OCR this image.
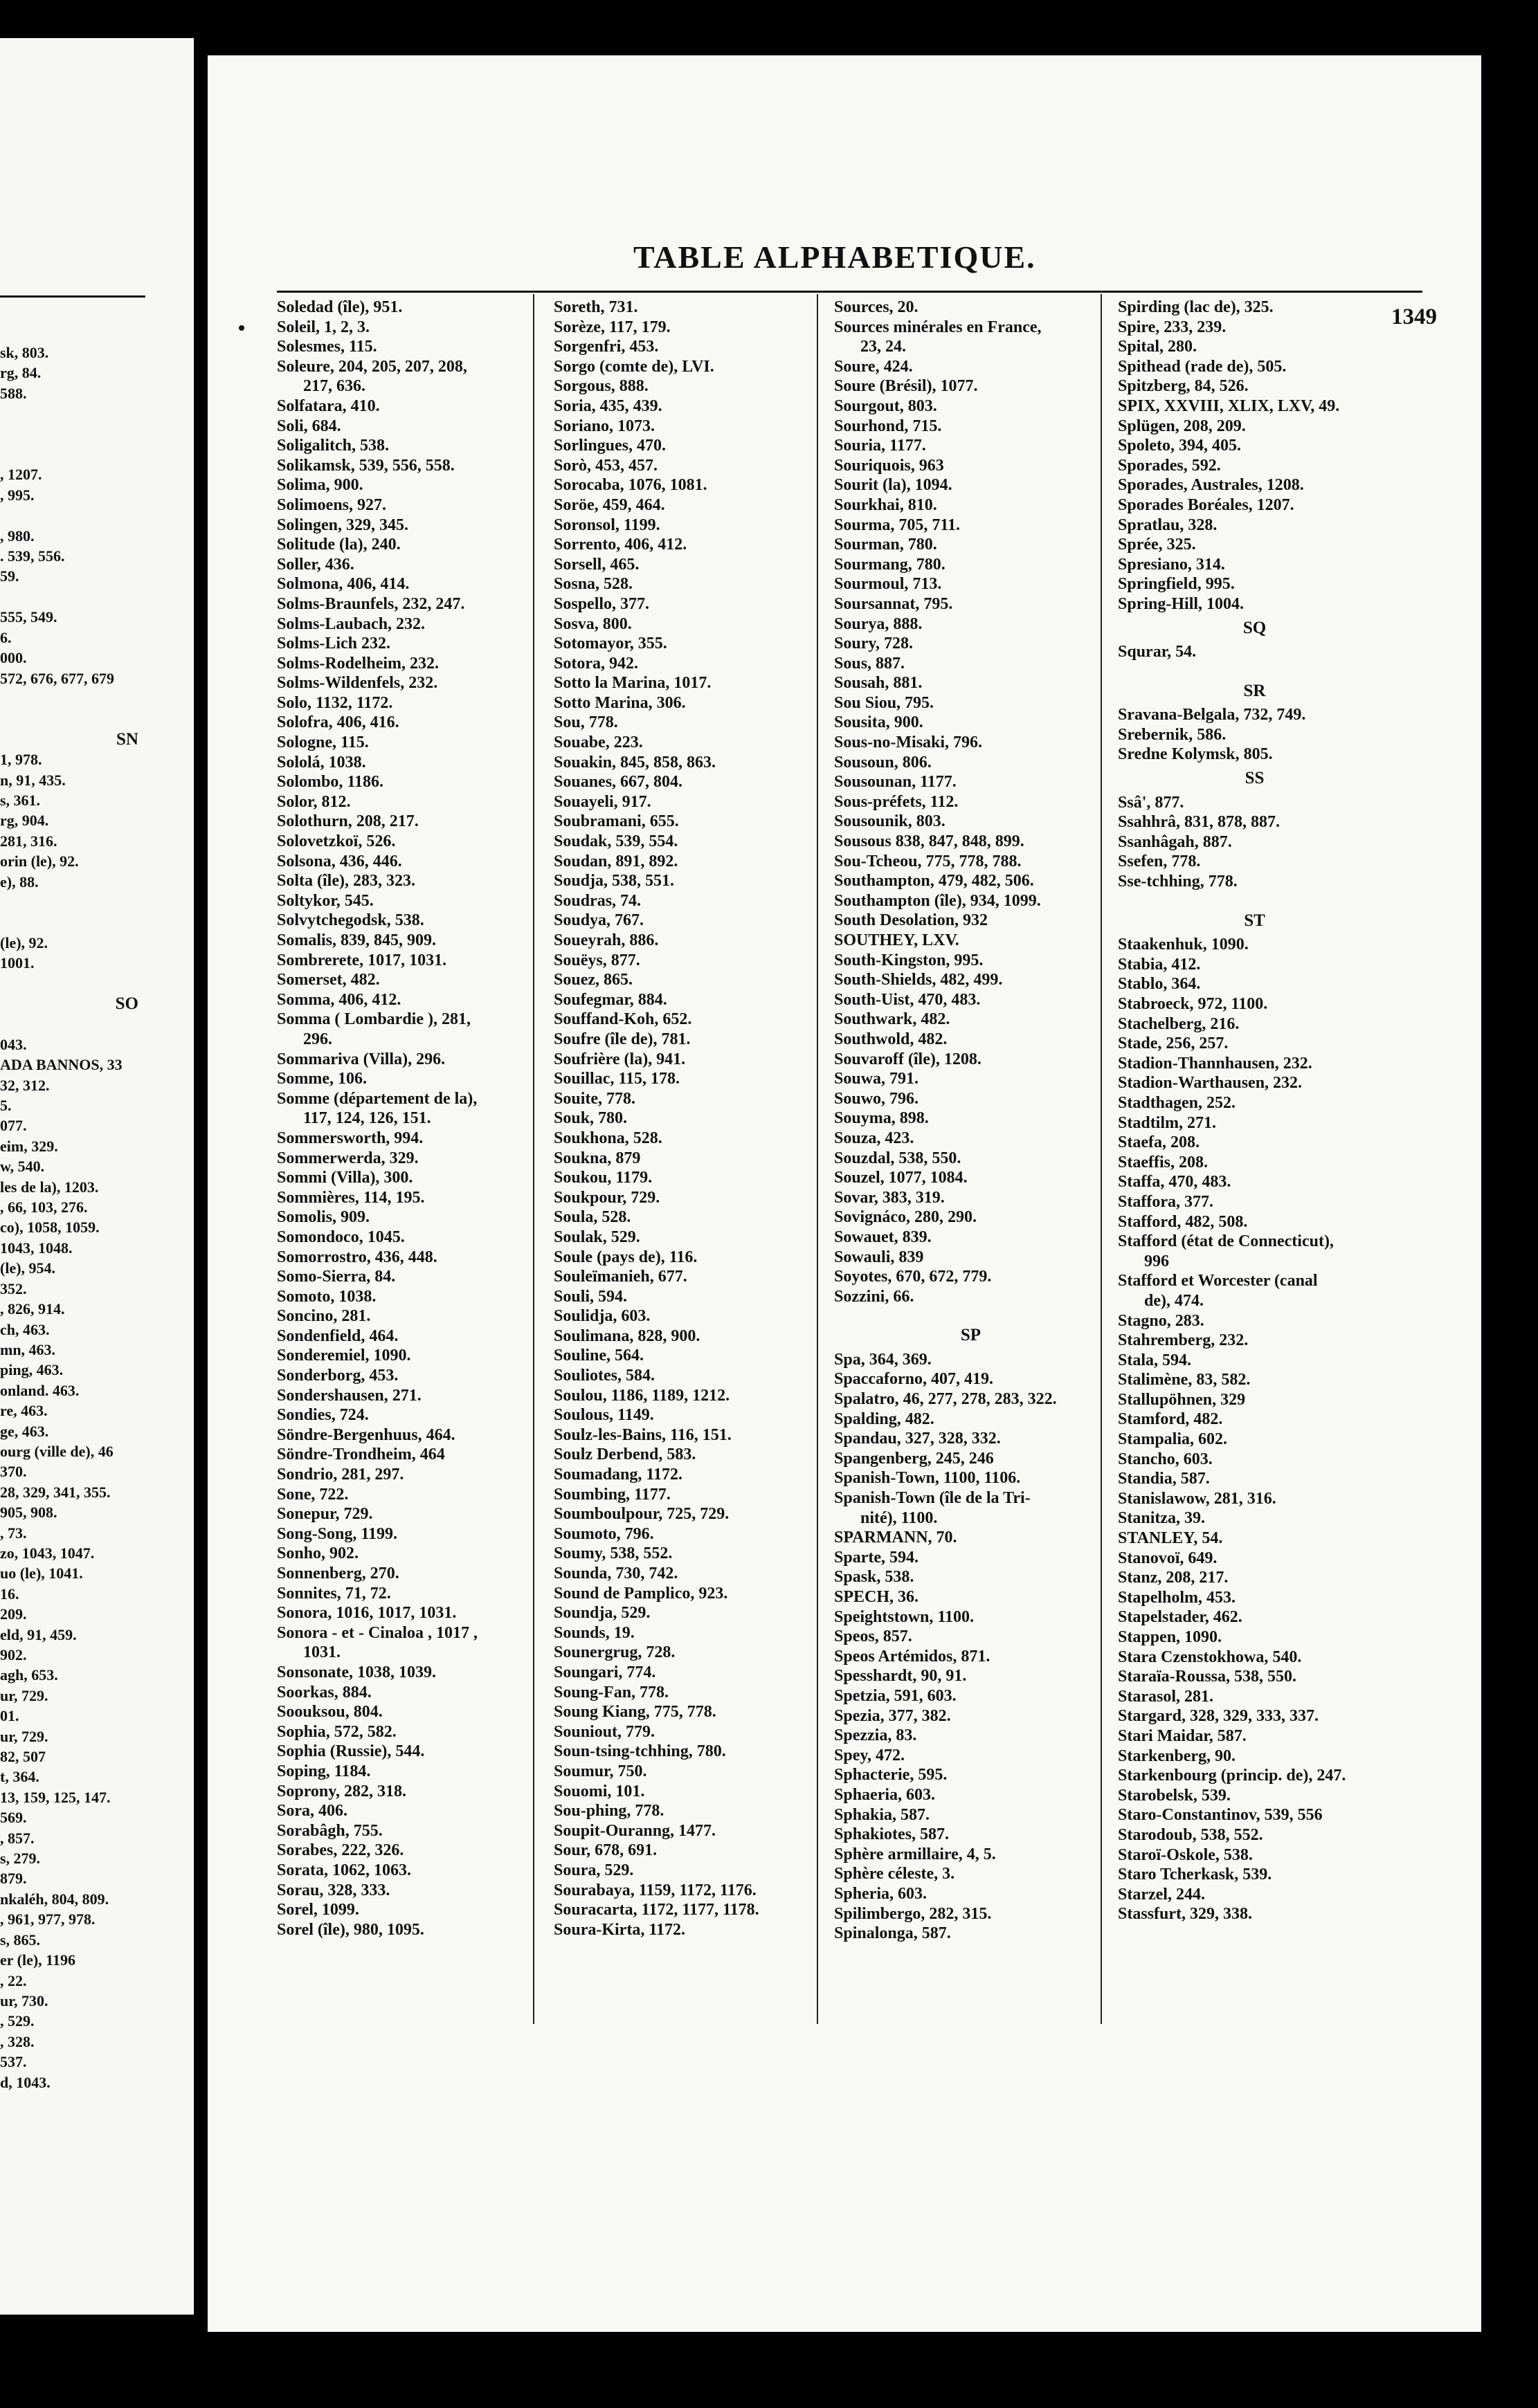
sk, 803.
rg, 84.
588.

, 1207.
, 995.

, 980.
. 539, 556.
59.

555, 549.
6.
000.
572, 676, 677, 679

SN
1, 978.
n, 91, 435.
s, 361.
rg, 904.
281, 316.
orin (le), 92.
e), 88.

(le), 92.
1001.

SO

043.
ADA BANNOS, 33
32, 312.
5.
077.
eim, 329.
w, 540.
les de la), 1203.
, 66, 103, 276.
co), 1058, 1059.
1043, 1048.
(le), 954.
352.
, 826, 914.
ch, 463.
mn, 463.
ping, 463.
onland. 463.
re, 463.
ge, 463.
ourg (ville de), 46
370.
28, 329, 341, 355.
905, 908.
, 73.
zo, 1043, 1047.
uo (le), 1041.
16.
209.
eld, 91, 459.
902.
agh, 653.
ur, 729.
01.
ur, 729.
82, 507
t, 364.
13, 159, 125, 147.
569.
, 857.
s, 279.
879.
nkaléh, 804, 809.
, 961, 977, 978.
s, 865.
er (le), 1196
, 22.
ur, 730.
, 529.
, 328.
537.
d, 1043.
TABLE ALPHABETIQUE.
1349
Soledad (île), 951.
Soleil, 1, 2, 3.
Solesmes, 115.
Soleure, 204, 205, 207, 208,
217, 636.
Solfatara, 410.
Soli, 684.
Soligalitch, 538.
Solikamsk, 539, 556, 558.
Solima, 900.
Solimoens, 927.
Solingen, 329, 345.
Solitude (la), 240.
Soller, 436.
Solmona, 406, 414.
Solms-Braunfels, 232, 247.
Solms-Laubach, 232.
Solms-Lich 232.
Solms-Rodelheim, 232.
Solms-Wildenfels, 232.
Solo, 1132, 1172.
Solofra, 406, 416.
Sologne, 115.
Sololá, 1038.
Solombo, 1186.
Solor, 812.
Solothurn, 208, 217.
Solovetzkoï, 526.
Solsona, 436, 446.
Solta (île), 283, 323.
Soltykor, 545.
Solvytchegodsk, 538.
Somalis, 839, 845, 909.
Sombrerete, 1017, 1031.
Somerset, 482.
Somma, 406, 412.
Somma ( Lombardie ), 281,
296.
Sommariva (Villa), 296.
Somme, 106.
Somme (département de la),
117, 124, 126, 151.
Sommersworth, 994.
Sommerwerda, 329.
Sommi (Villa), 300.
Sommières, 114, 195.
Somolis, 909.
Somondoco, 1045.
Somorrostro, 436, 448.
Somo-Sierra, 84.
Somoto, 1038.
Soncino, 281.
Sondenfield, 464.
Sonderemiel, 1090.
Sonderborg, 453.
Sondershausen, 271.
Sondies, 724.
Söndre-Bergenhuus, 464.
Söndre-Trondheim, 464
Sondrio, 281, 297.
Sone, 722.
Sonepur, 729.
Song-Song, 1199.
Sonho, 902.
Sonnenberg, 270.
Sonnites, 71, 72.
Sonora, 1016, 1017, 1031.
Sonora - et - Cinaloa , 1017 ,
1031.
Sonsonate, 1038, 1039.
Soorkas, 884.
Soouksou, 804.
Sophia, 572, 582.
Sophia (Russie), 544.
Soping, 1184.
Soprony, 282, 318.
Sora, 406.
Sorabâgh, 755.
Sorabes, 222, 326.
Sorata, 1062, 1063.
Sorau, 328, 333.
Sorel, 1099.
Sorel (île), 980, 1095.
Soreth, 731.
Sorèze, 117, 179.
Sorgenfri, 453.
Sorgo (comte de), LVI.
Sorgous, 888.
Soria, 435, 439.
Soriano, 1073.
Sorlingues, 470.
Sorò, 453, 457.
Sorocaba, 1076, 1081.
Soröe, 459, 464.
Soronsol, 1199.
Sorrento, 406, 412.
Sorsell, 465.
Sosna, 528.
Sospello, 377.
Sosva, 800.
Sotomayor, 355.
Sotora, 942.
Sotto la Marina, 1017.
Sotto Marina, 306.
Sou, 778.
Souabe, 223.
Souakin, 845, 858, 863.
Souanes, 667, 804.
Souayeli, 917.
Soubramani, 655.
Soudak, 539, 554.
Soudan, 891, 892.
Soudja, 538, 551.
Soudras, 74.
Soudya, 767.
Soueyrah, 886.
Souëys, 877.
Souez, 865.
Soufegmar, 884.
Souffand-Koh, 652.
Soufre (île de), 781.
Soufrière (la), 941.
Souillac, 115, 178.
Souite, 778.
Souk, 780.
Soukhona, 528.
Soukna, 879
Soukou, 1179.
Soukpour, 729.
Soula, 528.
Soulak, 529.
Soule (pays de), 116.
Souleïmanieh, 677.
Souli, 594.
Soulidja, 603.
Soulimana, 828, 900.
Souline, 564.
Souliotes, 584.
Soulou, 1186, 1189, 1212.
Soulous, 1149.
Soulz-les-Bains, 116, 151.
Soulz Derbend, 583.
Soumadang, 1172.
Soumbing, 1177.
Soumboulpour, 725, 729.
Soumoto, 796.
Soumy, 538, 552.
Sounda, 730, 742.
Sound de Pamplico, 923.
Soundja, 529.
Sounds, 19.
Sounergrug, 728.
Soungari, 774.
Soung-Fan, 778.
Soung Kiang, 775, 778.
Souniout, 779.
Soun-tsing-tchhing, 780.
Soumur, 750.
Souomi, 101.
Sou-phing, 778.
Soupit-Ouranng, 1477.
Sour, 678, 691.
Soura, 529.
Sourabaya, 1159, 1172, 1176.
Souracarta, 1172, 1177, 1178.
Soura-Kirta, 1172.
Sources, 20.
Sources minérales en France,
23, 24.
Soure, 424.
Soure (Brésil), 1077.
Sourgout, 803.
Sourhond, 715.
Souria, 1177.
Souriquois, 963
Sourit (la), 1094.
Sourkhai, 810.
Sourma, 705, 711.
Sourman, 780.
Sourmang, 780.
Sourmoul, 713.
Soursannat, 795.
Sourya, 888.
Soury, 728.
Sous, 887.
Sousah, 881.
Sou Siou, 795.
Sousita, 900.
Sous-no-Misaki, 796.
Sousoun, 806.
Sousounan, 1177.
Sous-préfets, 112.
Sousounik, 803.
Sousous 838, 847, 848, 899.
Sou-Tcheou, 775, 778, 788.
Southampton, 479, 482, 506.
Southampton (île), 934, 1099.
South Desolation, 932
SOUTHEY, LXV.
South-Kingston, 995.
South-Shields, 482, 499.
South-Uist, 470, 483.
Southwark, 482.
Southwold, 482.
Souvaroff (île), 1208.
Souwa, 791.
Souwo, 796.
Souyma, 898.
Souza, 423.
Souzdal, 538, 550.
Souzel, 1077, 1084.
Sovar, 383, 319.
Sovignáco, 280, 290.
Sowauet, 839.
Sowauli, 839
Soyotes, 670, 672, 779.
Sozzini, 66.
SP
Spa, 364, 369.
Spaccaforno, 407, 419.
Spalatro, 46, 277, 278, 283, 322.
Spalding, 482.
Spandau, 327, 328, 332.
Spangenberg, 245, 246
Spanish-Town, 1100, 1106.
Spanish-Town (île de la Tri-
nité), 1100.
SPARMANN, 70.
Sparte, 594.
Spask, 538.
SPECH, 36.
Speightstown, 1100.
Speos, 857.
Speos Artémidos, 871.
Spesshardt, 90, 91.
Spetzia, 591, 603.
Spezia, 377, 382.
Spezzia, 83.
Spey, 472.
Sphacterie, 595.
Sphaeria, 603.
Sphakia, 587.
Sphakiotes, 587.
Sphère armillaire, 4, 5.
Sphère céleste, 3.
Spheria, 603.
Spilimbergo, 282, 315.
Spinalonga, 587.
Spirding (lac de), 325.
Spire, 233, 239.
Spital, 280.
Spithead (rade de), 505.
Spitzberg, 84, 526.
SPIX, XXVIII, XLIX, LXV, 49.
Splügen, 208, 209.
Spoleto, 394, 405.
Sporades, 592.
Sporades, Australes, 1208.
Sporades Boréales, 1207.
Spratlau, 328.
Sprée, 325.
Spresiano, 314.
Springfield, 995.
Spring-Hill, 1004.
SQ
Squrar, 54.
SR
Sravana-Belgala, 732, 749.
Srebernik, 586.
Sredne Kolymsk, 805.
SS
Ssâ', 877.
Ssahhrâ, 831, 878, 887.
Ssanhâgah, 887.
Ssefen, 778.
Sse-tchhing, 778.
ST
Staakenhuk, 1090.
Stabia, 412.
Stablo, 364.
Stabroeck, 972, 1100.
Stachelberg, 216.
Stade, 256, 257.
Stadion-Thannhausen, 232.
Stadion-Warthausen, 232.
Stadthagen, 252.
Stadtilm, 271.
Staefa, 208.
Staeffis, 208.
Staffa, 470, 483.
Staffora, 377.
Stafford, 482, 508.
Stafford (état de Connecticut),
996
Stafford et Worcester (canal
de), 474.
Stagno, 283.
Stahremberg, 232.
Stala, 594.
Stalimène, 83, 582.
Stallupöhnen, 329
Stamford, 482.
Stampalia, 602.
Stancho, 603.
Standia, 587.
Stanislawow, 281, 316.
Stanitza, 39.
STANLEY, 54.
Stanovoï, 649.
Stanz, 208, 217.
Stapelholm, 453.
Stapelstader, 462.
Stappen, 1090.
Stara Czenstokhowa, 540.
Staraïa-Roussa, 538, 550.
Starasol, 281.
Stargard, 328, 329, 333, 337.
Stari Maidar, 587.
Starkenberg, 90.
Starkenbourg (princip. de), 247.
Starobelsk, 539.
Staro-Constantinov, 539, 556
Starodoub, 538, 552.
Staroï-Oskole, 538.
Staro Tcherkask, 539.
Starzel, 244.
Stassfurt, 329, 338.
